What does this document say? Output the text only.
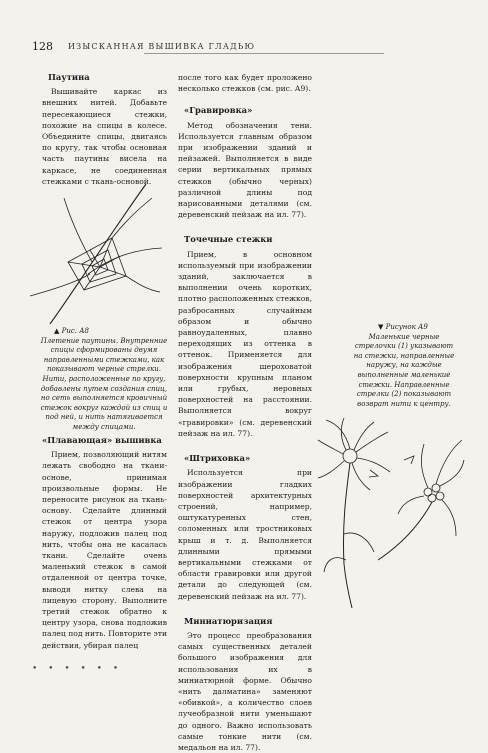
128 ИЗЫСКАННАЯ ВЫШИВКА ГЛАДЬЮ
Паутина

Вышивайте каркас из внешних нитей. Добавьте пересекающиеся стежки, похожие на спицы в колесе. Объедините спицы, двигаясь по кругу, так чтобы основная часть паутины висела на каркасе, не соединенная стежками с ткань-основой.

▲ Рис. А8
Плетение паутины. Внутренние спицы сформированы двумя направленными стежками, как показывают черные стрелки. Нити, расположенные по кругу, добавлены путем создания спиц, но сеть выполняется кровичный стежок вокруг каждой из спиц и под ней, и нить натягивается между спицами.
«Плавающая» вышивка

Прием, позволяющий нитям лежать свободно на ткани-основе, принимая произвольные формы. Не переносите рисунок на ткань-основу. Сделайте длинный стежок от центра узора наружу, подложив палец под нить, чтобы она не касалась ткани. Сделайте очень маленький стежок в самой отдаленной от центра точке, выводя нитку слева на лицевую сторону. Выполните третий стежок обратно к центру узора, снова подложив палец под нить. Повторите эти действия, убирая палец

после того как будет проложено несколько стежков (см. рис. А9).

«Гравировка»

Метод обозначения тени. Используется главным образом при изображении зданий и пейзажей. Выполняется в виде серии вертикальных прямых стежков (обычно черных) различной длины под нарисованными деталями (см. деревенский пейзаж на ил. 77).

Точечные стежки

Прием, в основном используемый при изображении зданий, заключается в выполнении очень коротких, плотно расположенных стежков, разбросанных случайным образом и обычно равноудаленных, плавно переходящих из оттенка в оттенок. Применяется для изображения шероховатой поверхности крупным планом или грубых, неровных поверхностей на расстоянии. Выполняется вокруг «гравировки» (см. деревенский пейзаж на ил. 77).

«Штриховка»

Используется при изображении гладких поверхностей архитектурных строений, например, оштукатуренных стен, соломенных или тростниковых крыш и т. д. Выполняется длинными прямыми вертикальными стежками от области гравировки или другой детали до следующей (см. деревенский пейзаж на ил. 77).

Миниатюризация

Это процесс преобразования самых существенных деталей большого изображения для использования их в миниатюрной форме. Обычно «нить далматина» заменяют «обивкой», а количество слоев лучеобразной нити уменьшают до одного. Важно использовать самые тонкие нити (см. медальон на ил. 77).

▼ Рисунок А9
Маленькие черные стрелочки (1) указывают на стежки, направленные наружу, на каждые выполненные маленькие стежки. Направленные стрелки (2) показывают возврат нити к центру.
• • • • • •
